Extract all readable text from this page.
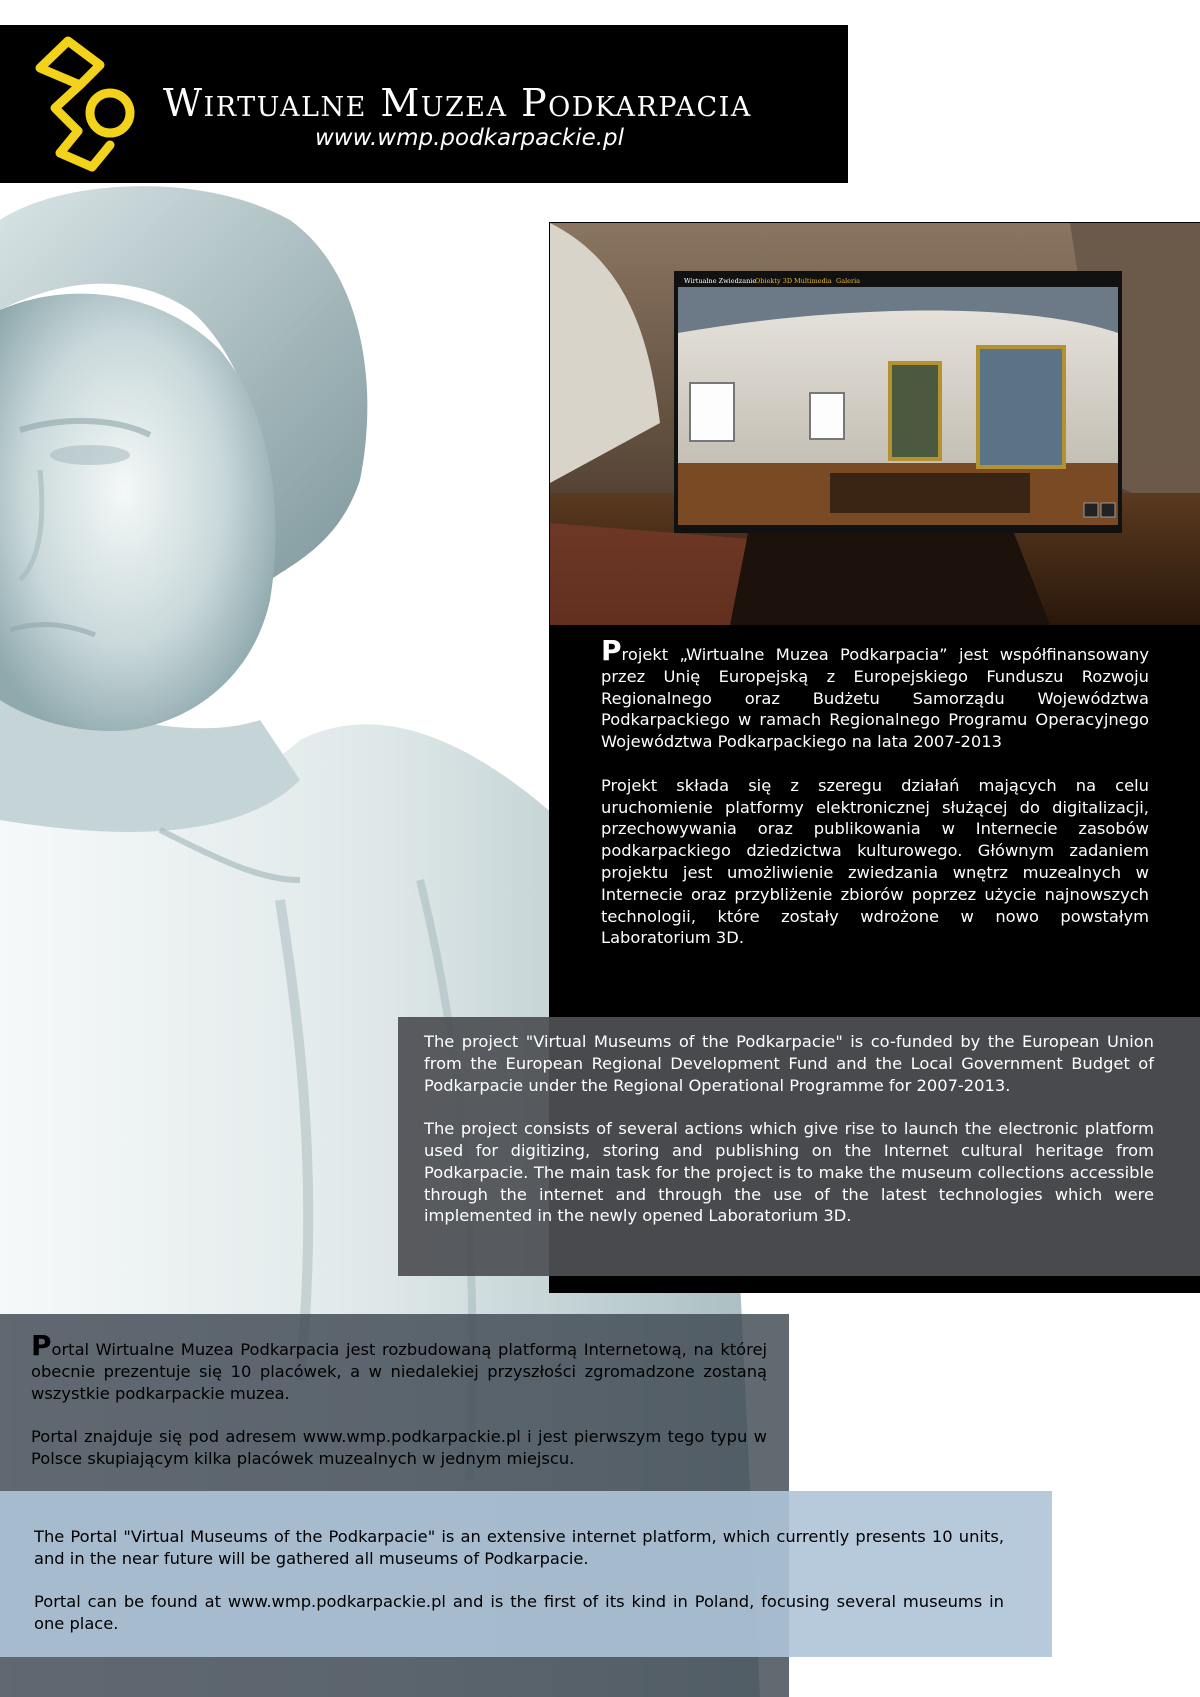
Wirtualne Muzea Podkarpacia
www.wmp.podkarpackie.pl
Wirtualne Zwiedzanie
Obiekty 3D Multimedia Galeria

Projekt „Wirtualne Muzea Podkarpacia” jest współfinansowany przez Unię Europejską z Europejskiego Funduszu Rozwoju Regionalnego oraz Budżetu Samorządu Województwa Podkarpackiego w ramach Regionalnego Programu Operacyjnego Województwa Podkarpackiego na lata 2007-2013

Projekt składa się z szeregu działań mających na celu uruchomienie platformy elektronicznej służącej do digitalizacji, przechowywania oraz publikowania w Internecie zasobów podkarpackiego dziedzictwa kulturowego. Głównym zadaniem projektu jest umożliwienie zwiedzania wnętrz muzealnych w Internecie oraz przybliżenie zbiorów poprzez użycie najnowszych technologii, które zostały wdrożone w nowo powstałym Laboratorium 3D.

The project "Virtual Museums of the Podkarpacie" is co-funded by the European Union from the European Regional Development Fund and the Local Government Budget of Podkarpacie under the Regional Operational Programme for 2007-2013.

The project consists of several actions which give rise to launch the electronic platform used for digitizing, storing and publishing on the Internet cultural heritage from Podkarpacie. The main task for the project is to make the museum collections accessible through the internet and through the use of the latest technologies which were implemented in the newly opened Laboratorium 3D.

Portal Wirtualne Muzea Podkarpacia jest rozbudowaną platformą Internetową, na której obecnie prezentuje się 10 placówek, a w niedalekiej przyszłości zgromadzone zostaną wszystkie podkarpackie muzea.

Portal znajduje się pod adresem www.wmp.podkarpackie.pl i jest pierwszym tego typu w Polsce skupiającym kilka placówek muzealnych w jednym miejscu.

The Portal "Virtual Museums of the Podkarpacie" is an extensive internet platform, which currently presents 10 units, and in the near future will be gathered all museums of Podkarpacie.

Portal can be found at www.wmp.podkarpackie.pl and is the first of its kind in Poland, focusing several museums in one place.
